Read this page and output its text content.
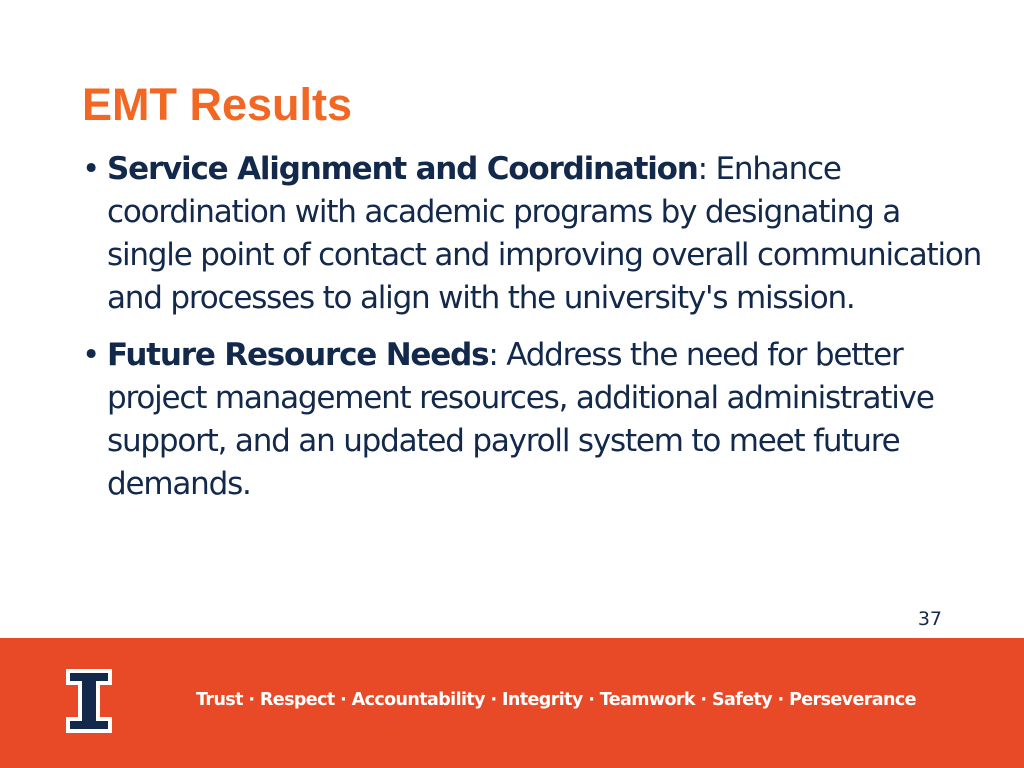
EMT Results
• Service Alignment and Coordination: Enhance coordination with academic programs by designating a single point of contact and improving overall communication and processes to align with the university's mission.
• Future Resource Needs: Address the need for better project management resources, additional administrative support, and an updated payroll system to meet future demands.
37
Trust · Respect · Accountability · Integrity · Teamwork · Safety · Perseverance
